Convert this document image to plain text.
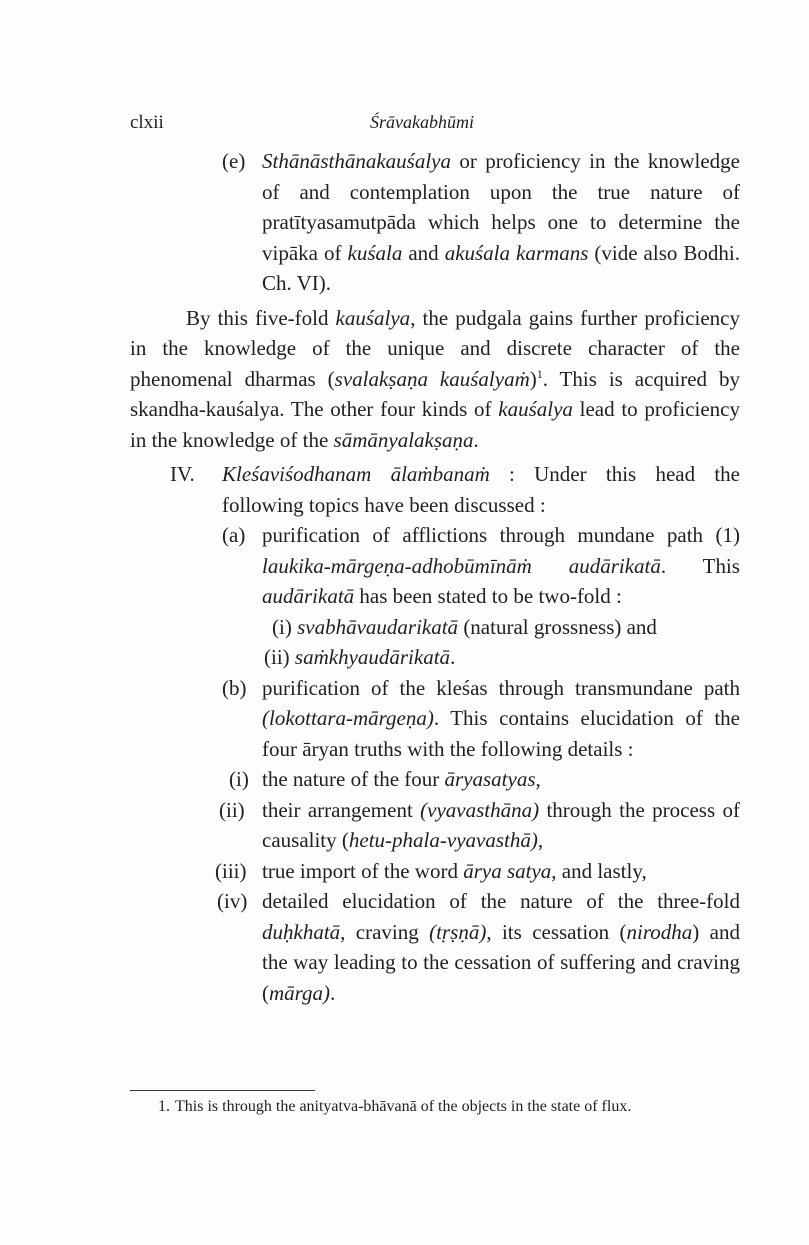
clxii	Śrāvakabhūmi
(e) Sthānāsthānakauśalya or proficiency in the knowledge of and contemplation upon the true nature of pratītyasamutpāda which helps one to determine the vipāka of kuśala and akuśala karmans (vide also Bodhi. Ch. VI).

By this five-fold kauśalya, the pudgala gains further proficiency in the knowledge of the unique and discrete character of the phenomenal dharmas (svalakṣaṇa kauśalyaṁ)$^1$. This is acquired by skandha-kauśalya. The other four kinds of kauśalya lead to proficiency in the knowledge of the sāmānyalakṣaṇa.

IV. Kleśaviśodhanam ālaṁbanaṁ : Under this head the following topics have been discussed :

(a) purification of afflictions through mundane path (1) laukika-mārgeṇa-adhobūmīnāṁ audārikatā. This audārikatā has been stated to be two-fold :

(i) svabhāvaudarikatā (natural grossness) and
(ii) saṁkhyaudārikatā.
(b) purification of the kleśas through transmundane path (lokottara-mārgeṇa). This contains elucidation of the four āryan truths with the following details :

(i) the nature of the four āryasatyas,

(ii) their arrangement (vyavasthāna) through the process of causality (hetu-phala-vyavasthā),

(iii) true import of the word ārya satya, and lastly,

(iv) detailed elucidation of the nature of the three-fold duḥkhatā, craving (tṛṣṇā), its cessation (nirodha) and the way leading to the cessation of suffering and craving (mārga).

1. This is through the anityatva-bhāvanā of the objects in the state of flux.
